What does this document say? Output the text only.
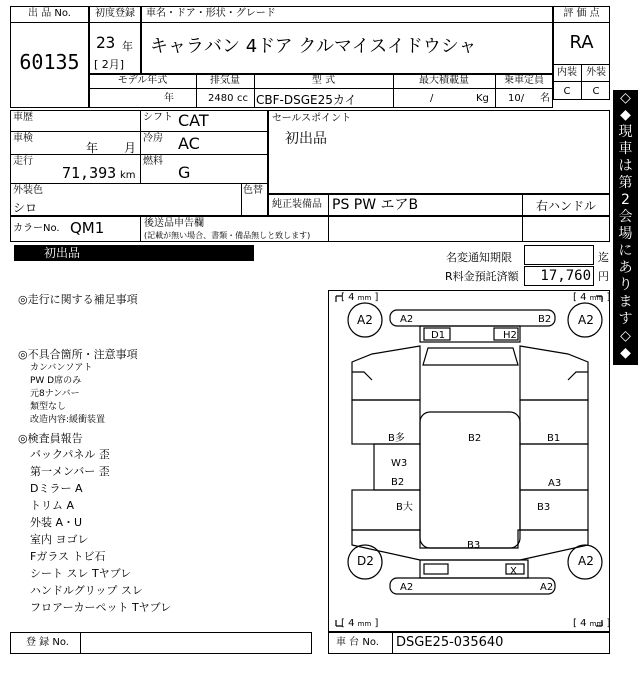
出 品 No.
60135
初度登録
23 年
[ 2月]
車名・ドア・形状・グレード
キャラバン 4ドア クルマイスイドウシャ
評 価 点
RA
内装 外装
C	C
モデル年式
年
排気量
2480 cc
型 式
CBF-DSGE25カイ
最大積載量
/	Kg
乗車定員
10/ 名
車歴	シフト CAT
車検
年 月
冷房 AC
走行
71,393 km
燃料
G
外装色
シロ
色替
セールスポイント
初出品
純正装備品 PS PW エアB	右ハンドル
カラーNo. QM1	後送品申告欄
(記載が無い場合、書類・備品無しと致します)
初出品	名変通知期限	迄
R料金預託済額	17,760 円
◇
◆
現
車
は
第
2
会
場
に
あ
り
ま
す
◇
◆
◎走行に関する補足事項
◎不具合箇所・注意事項
カンバンソアト
PW D席のみ
元8ナンバー
類型なし
改造内容:緩衝装置
◎検査員報告
バックパネル 歪
第一メンバー 歪
Dミラー A
トリム A
外装 A・U
室内 ヨゴレ
Fガラス トビ石
シート スレ Tヤブレ
ハンドルグリップ スレ
フロアーカーペット Tヤブレ
[ 4 mm ]	[ 4 mm ]
[ 4 mm ]	[ 4 mm ]
A2	B2
A2	A2
D1	H2
B多
W3
B2
B大
B2
B3
B1
A3
B3
D2	A2
X
A2	A2
登 録 No.	車 台 No. DSGE25-035640
